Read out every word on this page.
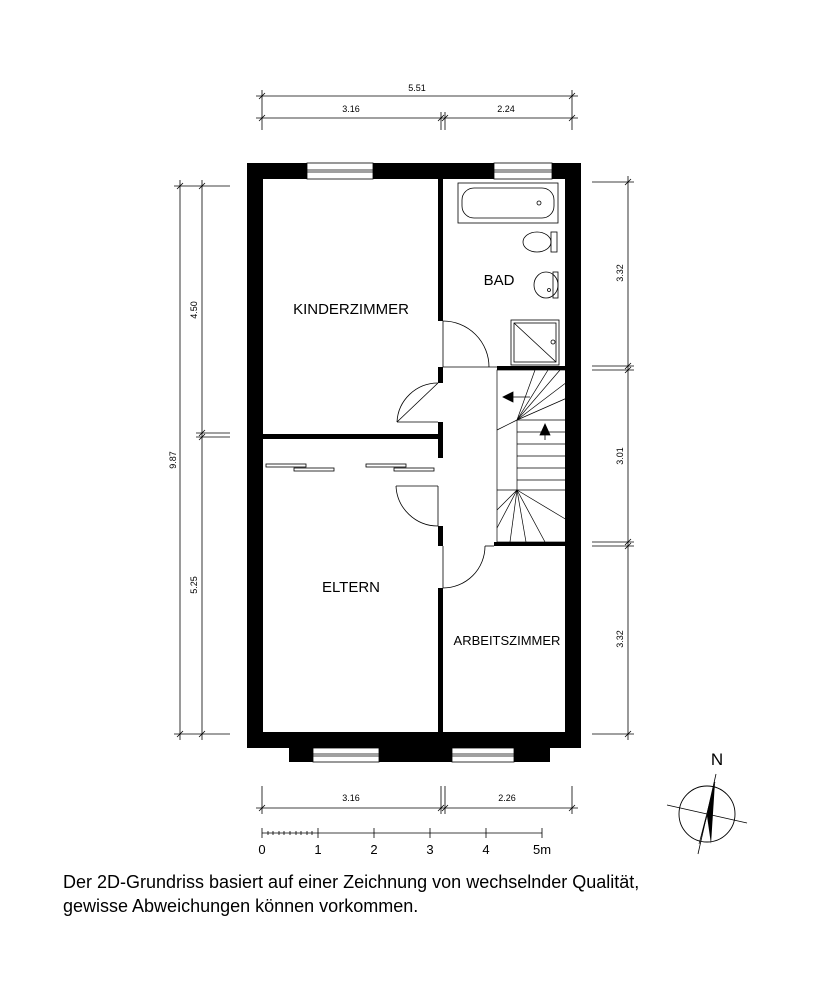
5.51
3.16	2.24
9.87
4.50
5.25
3.32
3.01
3.32
3.16	2.26
KINDERZIMMER
BAD
ELTERN
ARBEITSZIMMER
0	1	2	3	4	5m
N
Der 2D-Grundriss basiert auf einer Zeichnung von wechselnder Qualität,
gewisse Abweichungen können vorkommen.
